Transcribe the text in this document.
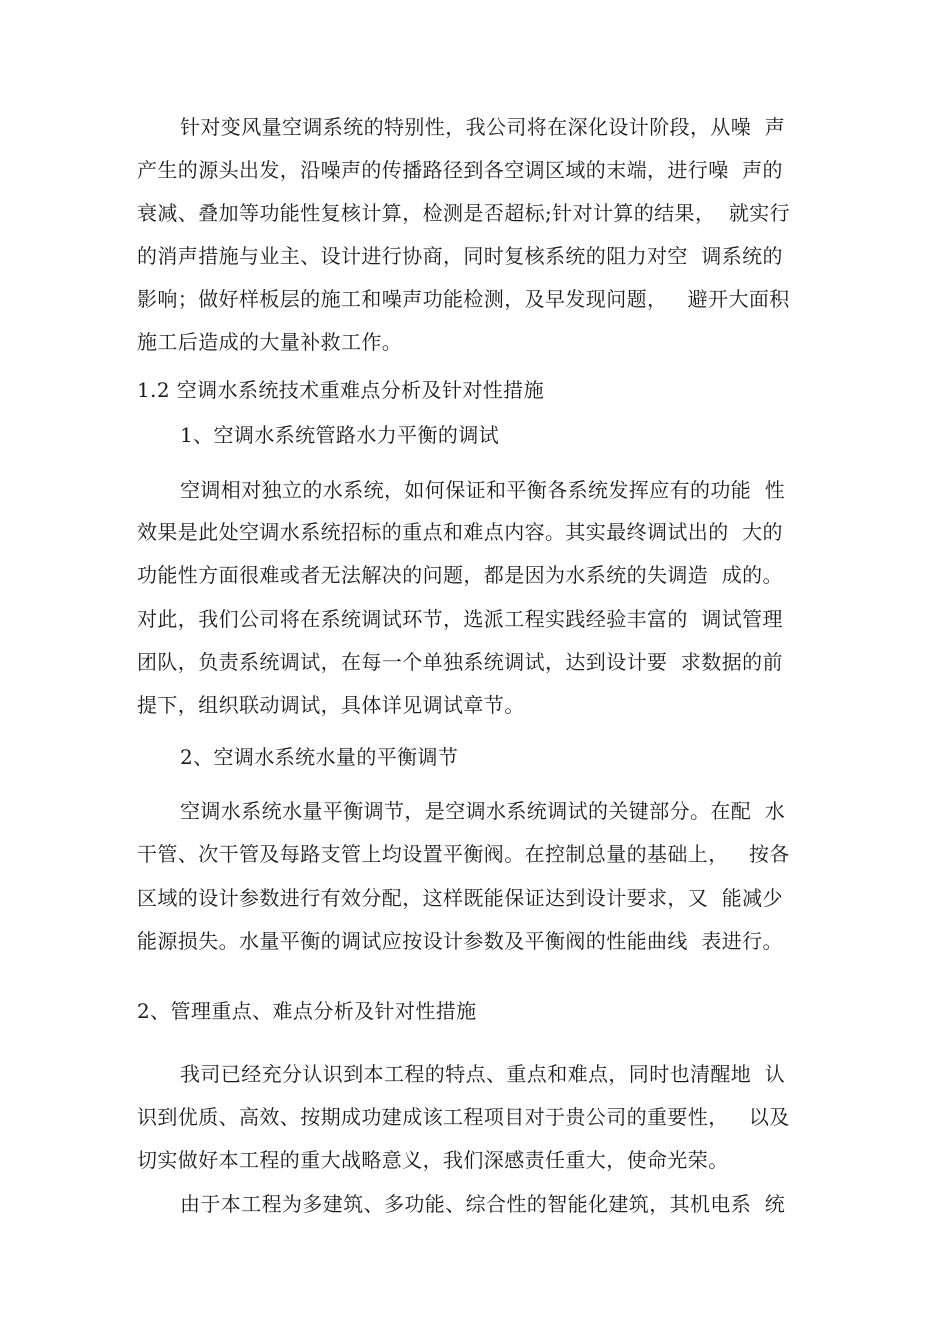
针对变风量空调系统的特别性，我公司将在深化设计阶段，从噪  声
产生的源头出发，沿噪声的传播路径到各空调区域的末端，进行噪  声的
衰减、叠加等功能性复核计算，检测是否超标;针对计算的结果，  就实行
的消声措施与业主、设计进行协商，同时复核系统的阻力对空  调系统的
影响；做好样板层的施工和噪声功能检测，及早发现问题，   避开大面积
施工后造成的大量补救工作。
1.2 空调水系统技术重难点分析及针对性措施
1、空调水系统管路水力平衡的调试
空调相对独立的水系统，如何保证和平衡各系统发挥应有的功能  性
效果是此处空调水系统招标的重点和难点内容。其实最终调试出的  大的
功能性方面很难或者无法解决的问题，都是因为水系统的失调造  成的。
对此，我们公司将在系统调试环节，选派工程实践经验丰富的  调试管理
团队，负责系统调试，在每一个单独系统调试，达到设计要  求数据的前
提下，组织联动调试，具体详见调试章节。
2、空调水系统水量的平衡调节
空调水系统水量平衡调节，是空调水系统调试的关键部分。在配  水
干管、次干管及每路支管上均设置平衡阀。在控制总量的基础上，   按各
区域的设计参数进行有效分配，这样既能保证达到设计要求，又  能减少
能源损失。水量平衡的调试应按设计参数及平衡阀的性能曲线  表进行。
2、管理重点、难点分析及针对性措施
我司已经充分认识到本工程的特点、重点和难点，同时也清醒地  认
识到优质、高效、按期成功建成该工程项目对于贵公司的重要性，   以及
切实做好本工程的重大战略意义，我们深感责任重大，使命光荣。
由于本工程为多建筑、多功能、综合性的智能化建筑，其机电系  统
